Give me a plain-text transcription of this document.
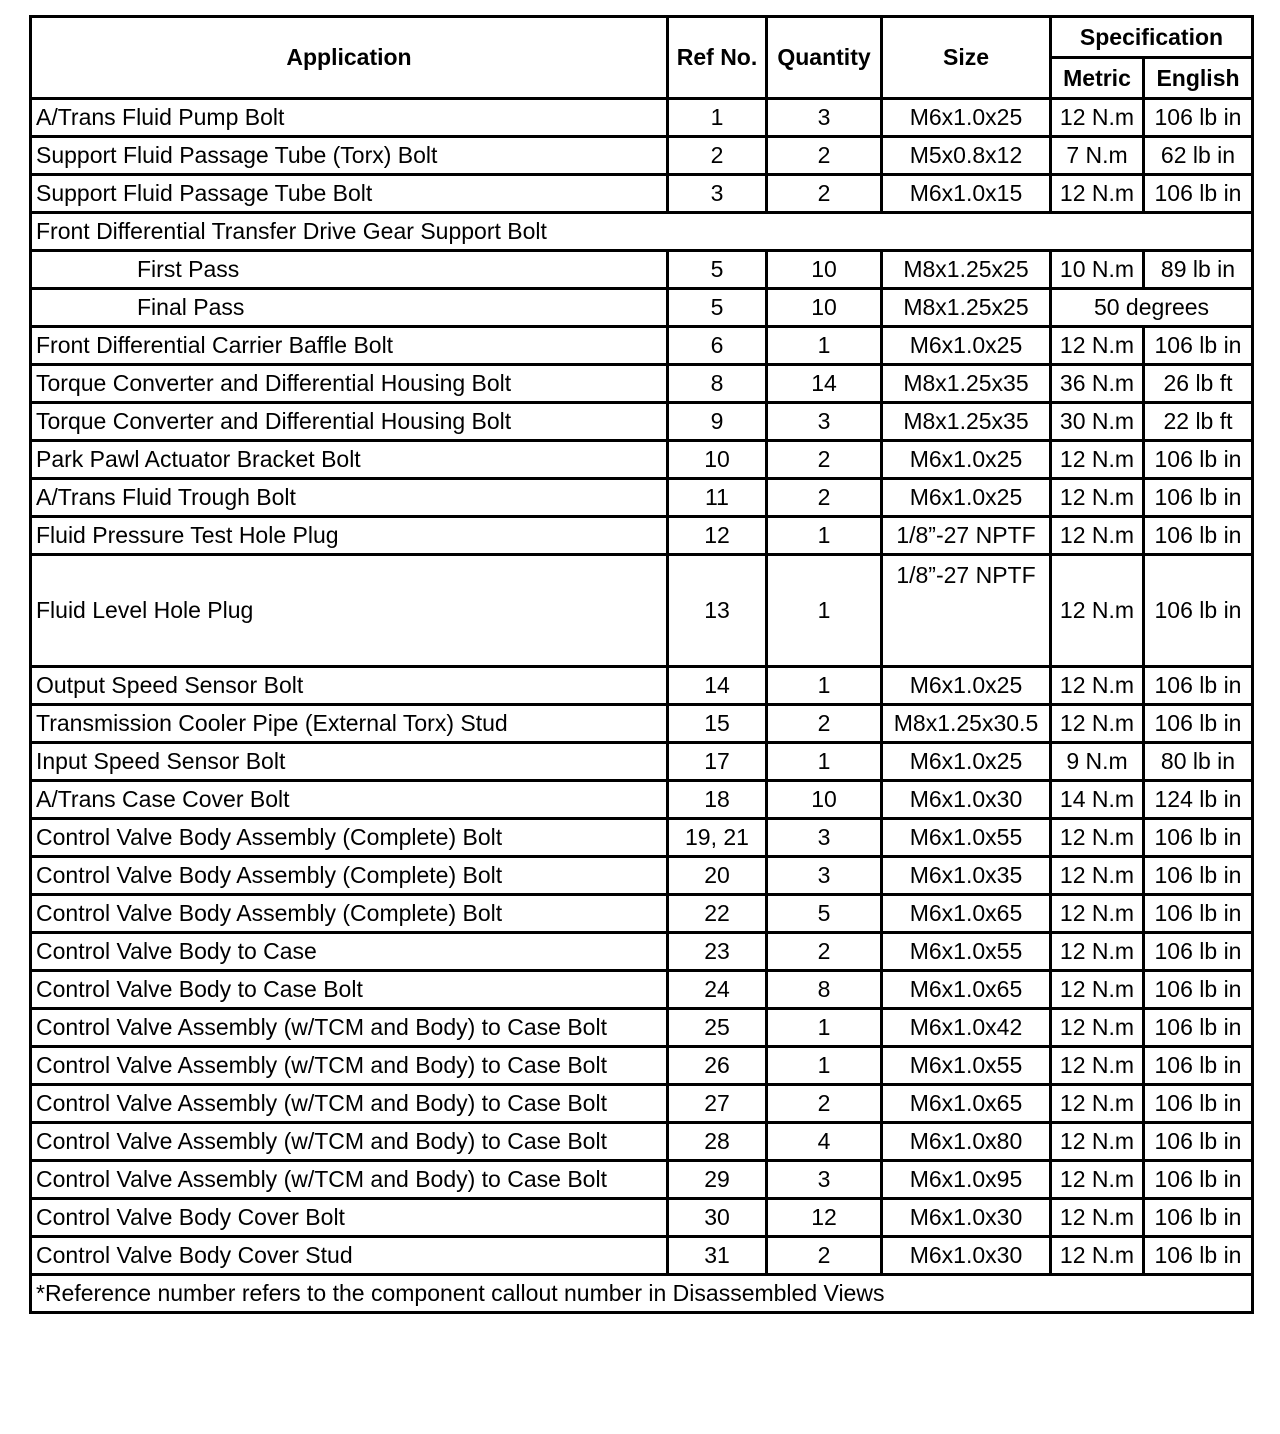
Application	Ref No.	Quantity	Size	Specification	
				Metric	English
A/Trans Fluid Pump Bolt	1	3	M6x1.0x25	12 N.m	106 lb in
Support Fluid Passage Tube (Torx) Bolt	2	2	M5x0.8x12	7 N.m	62 lb in
Support Fluid Passage Tube Bolt	3	2	M6x1.0x15	12 N.m	106 lb in
Front Differential Transfer Drive Gear Support Bolt					
First Pass	5	10	M8x1.25x25	10 N.m	89 lb in
Final Pass	5	10	M8x1.25x25	50 degrees	
Front Differential Carrier Baffle Bolt	6	1	M6x1.0x25	12 N.m	106 lb in
Torque Converter and Differential Housing Bolt	8	14	M8x1.25x35	36 N.m	26 lb ft
Torque Converter and Differential Housing Bolt	9	3	M8x1.25x35	30 N.m	22 lb ft
Park Pawl Actuator Bracket Bolt	10	2	M6x1.0x25	12 N.m	106 lb in
A/Trans Fluid Trough Bolt	11	2	M6x1.0x25	12 N.m	106 lb in
Fluid Pressure Test Hole Plug	12	1	1/8”-27 NPTF	12 N.m	106 lb in
Fluid Level Hole Plug	13	1	1/8”-27 NPTF	12 N.m	106 lb in
Output Speed Sensor Bolt	14	1	M6x1.0x25	12 N.m	106 lb in
Transmission Cooler Pipe (External Torx) Stud	15	2	M8x1.25x30.5	12 N.m	106 lb in
Input Speed Sensor Bolt	17	1	M6x1.0x25	9 N.m	80 lb in
A/Trans Case Cover Bolt	18	10	M6x1.0x30	14 N.m	124 lb in
Control Valve Body Assembly (Complete) Bolt	19, 21	3	M6x1.0x55	12 N.m	106 lb in
Control Valve Body Assembly (Complete) Bolt	20	3	M6x1.0x35	12 N.m	106 lb in
Control Valve Body Assembly (Complete) Bolt	22	5	M6x1.0x65	12 N.m	106 lb in
Control Valve Body to Case	23	2	M6x1.0x55	12 N.m	106 lb in
Control Valve Body to Case Bolt	24	8	M6x1.0x65	12 N.m	106 lb in
Control Valve Assembly (w/TCM and Body) to Case Bolt	25	1	M6x1.0x42	12 N.m	106 lb in
Control Valve Assembly (w/TCM and Body) to Case Bolt	26	1	M6x1.0x55	12 N.m	106 lb in
Control Valve Assembly (w/TCM and Body) to Case Bolt	27	2	M6x1.0x65	12 N.m	106 lb in
Control Valve Assembly (w/TCM and Body) to Case Bolt	28	4	M6x1.0x80	12 N.m	106 lb in
Control Valve Assembly (w/TCM and Body) to Case Bolt	29	3	M6x1.0x95	12 N.m	106 lb in
Control Valve Body Cover Bolt	30	12	M6x1.0x30	12 N.m	106 lb in
Control Valve Body Cover Stud	31	2	M6x1.0x30	12 N.m	106 lb in
*Reference number refers to the component callout number in Disassembled Views					
